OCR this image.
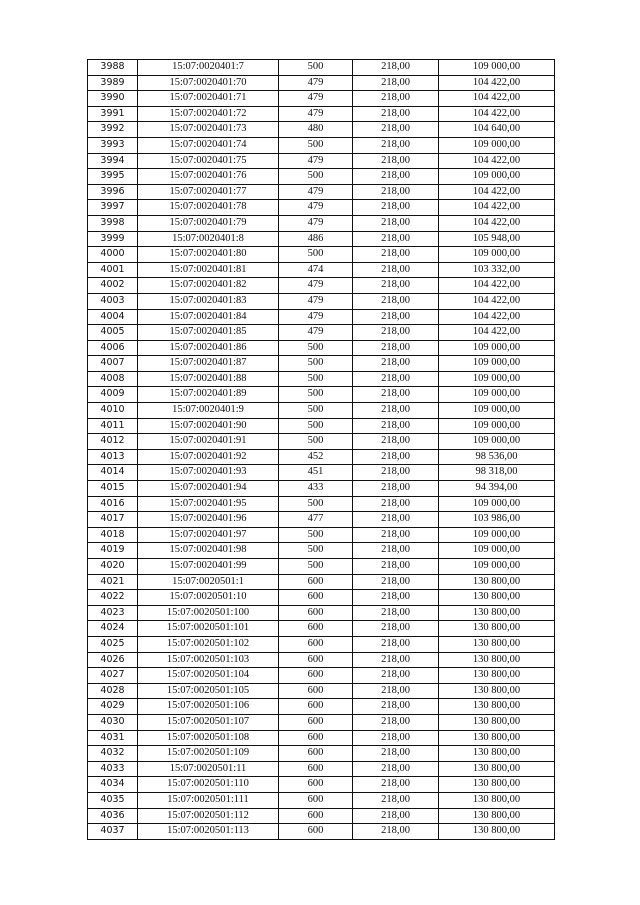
3988	15:07:0020401:7	500	218,00	109 000,00
3989	15:07:0020401:70	479	218,00	104 422,00
3990	15:07:0020401:71	479	218,00	104 422,00
3991	15:07:0020401:72	479	218,00	104 422,00
3992	15:07:0020401:73	480	218,00	104 640,00
3993	15:07:0020401:74	500	218,00	109 000,00
3994	15:07:0020401:75	479	218,00	104 422,00
3995	15:07:0020401:76	500	218,00	109 000,00
3996	15:07:0020401:77	479	218,00	104 422,00
3997	15:07:0020401:78	479	218,00	104 422,00
3998	15:07:0020401:79	479	218,00	104 422,00
3999	15:07:0020401:8	486	218,00	105 948,00
4000	15:07:0020401:80	500	218,00	109 000,00
4001	15:07:0020401:81	474	218,00	103 332,00
4002	15:07:0020401:82	479	218,00	104 422,00
4003	15:07:0020401:83	479	218,00	104 422,00
4004	15:07:0020401:84	479	218,00	104 422,00
4005	15:07:0020401:85	479	218,00	104 422,00
4006	15:07:0020401:86	500	218,00	109 000,00
4007	15:07:0020401:87	500	218,00	109 000,00
4008	15:07:0020401:88	500	218,00	109 000,00
4009	15:07:0020401:89	500	218,00	109 000,00
4010	15:07:0020401:9	500	218,00	109 000,00
4011	15:07:0020401:90	500	218,00	109 000,00
4012	15:07:0020401:91	500	218,00	109 000,00
4013	15:07:0020401:92	452	218,00	98 536,00
4014	15:07:0020401:93	451	218,00	98 318,00
4015	15:07:0020401:94	433	218,00	94 394,00
4016	15:07:0020401:95	500	218,00	109 000,00
4017	15:07:0020401:96	477	218,00	103 986,00
4018	15:07:0020401:97	500	218,00	109 000,00
4019	15:07:0020401:98	500	218,00	109 000,00
4020	15:07:0020401:99	500	218,00	109 000,00
4021	15:07:0020501:1	600	218,00	130 800,00
4022	15:07:0020501:10	600	218,00	130 800,00
4023	15:07:0020501:100	600	218,00	130 800,00
4024	15:07:0020501:101	600	218,00	130 800,00
4025	15:07:0020501:102	600	218,00	130 800,00
4026	15:07:0020501:103	600	218,00	130 800,00
4027	15:07:0020501:104	600	218,00	130 800,00
4028	15:07:0020501:105	600	218,00	130 800,00
4029	15:07:0020501:106	600	218,00	130 800,00
4030	15:07:0020501:107	600	218,00	130 800,00
4031	15:07:0020501:108	600	218,00	130 800,00
4032	15:07:0020501:109	600	218,00	130 800,00
4033	15:07:0020501:11	600	218,00	130 800,00
4034	15:07:0020501:110	600	218,00	130 800,00
4035	15:07:0020501:111	600	218,00	130 800,00
4036	15:07:0020501:112	600	218,00	130 800,00
4037	15:07:0020501:113	600	218,00	130 800,00
